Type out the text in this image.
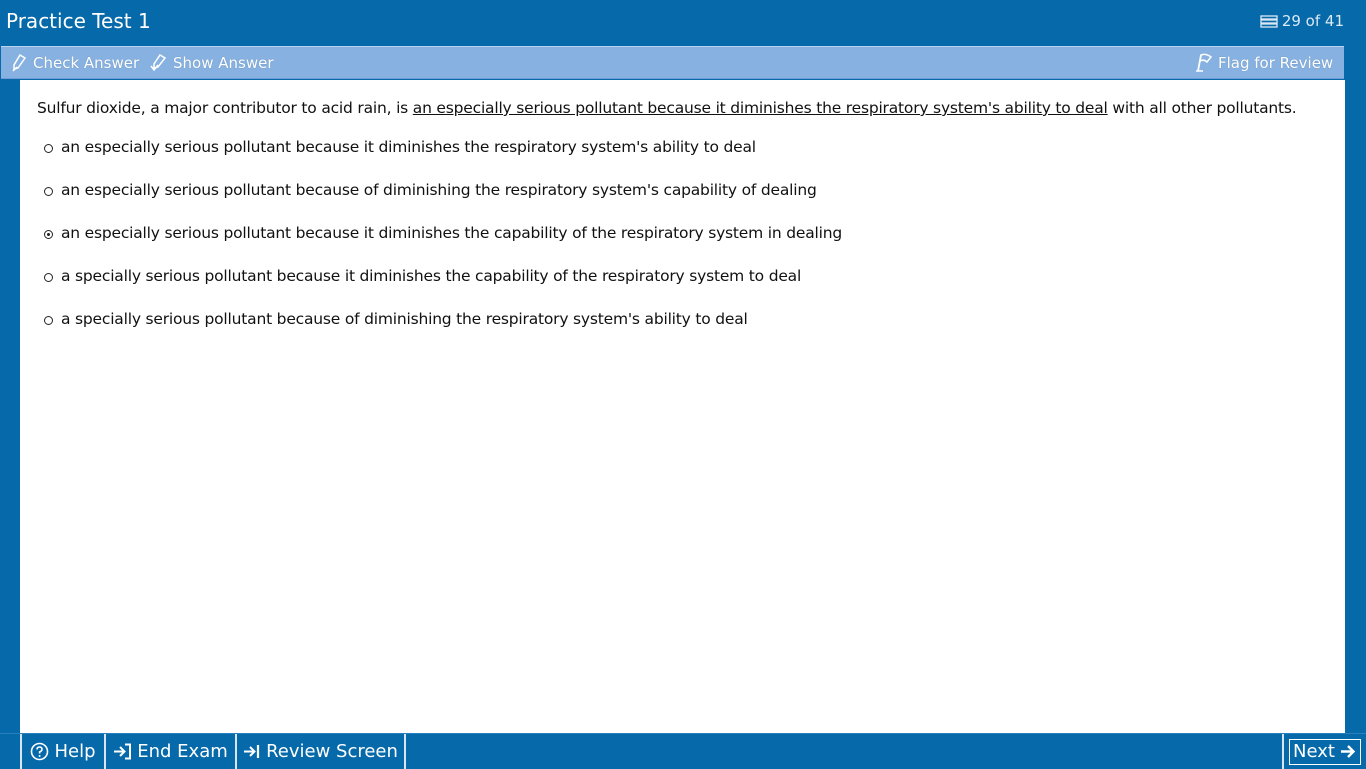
Practice Test 1	29 of 41
Check Answer Show Answer	Flag for Review
Sulfur dioxide, a major contributor to acid rain, is an especially serious pollutant because it diminishes the respiratory system's ability to deal with all other pollutants.
an especially serious pollutant because it diminishes the respiratory system's ability to deal
an especially serious pollutant because of diminishing the respiratory system's capability of dealing
an especially serious pollutant because it diminishes the capability of the respiratory system in dealing
a specially serious pollutant because it diminishes the capability of the respiratory system to deal
a specially serious pollutant because of diminishing the respiratory system's ability to deal
Help End Exam Review Screen	Next
